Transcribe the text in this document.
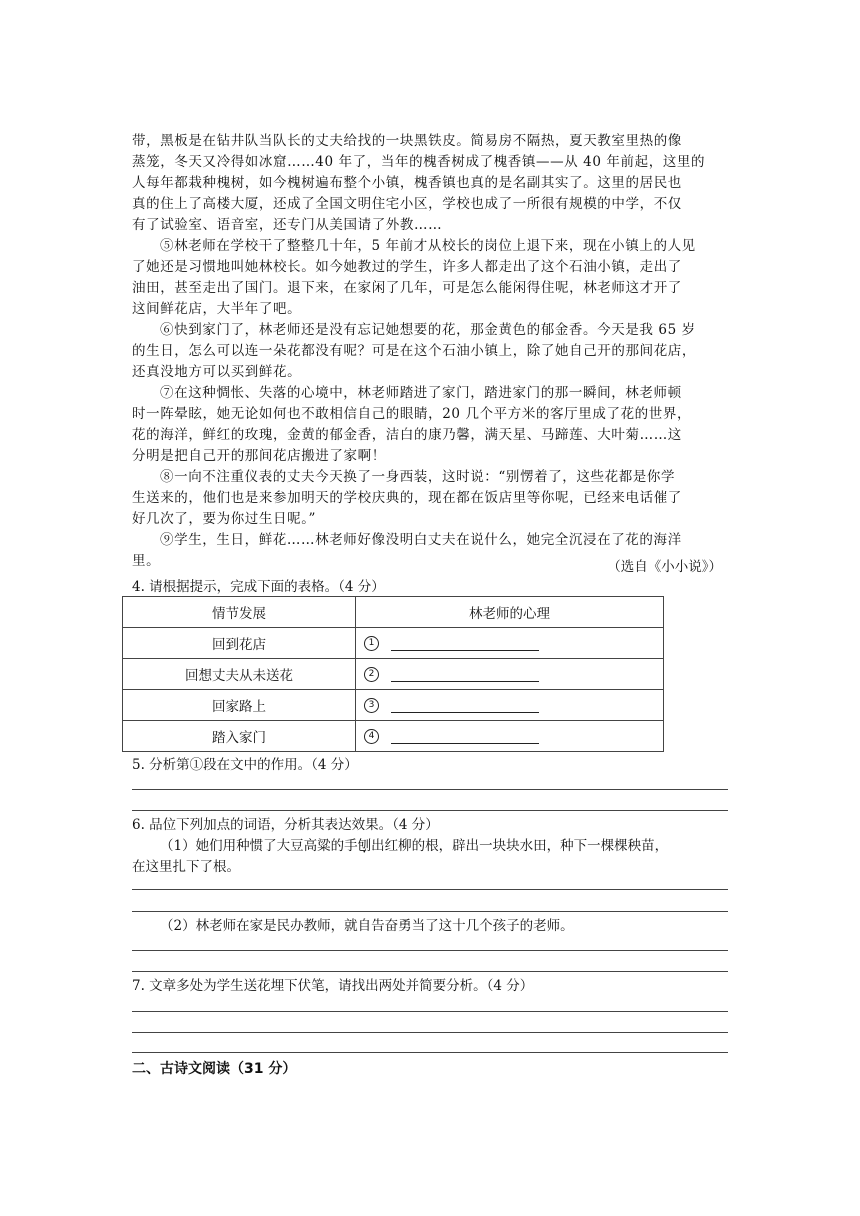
带，黑板是在钻井队当队长的丈夫给找的一块黑铁皮。简易房不隔热，夏天教室里热的像
蒸笼，冬天又冷得如冰窟……40 年了，当年的槐香树成了槐香镇——从 40 年前起，这里的
人每年都栽种槐树，如今槐树遍布整个小镇，槐香镇也真的是名副其实了。这里的居民也
真的住上了高楼大厦，还成了全国文明住宅小区，学校也成了一所很有规模的中学，不仅
有了试验室、语音室，还专门从美国请了外教……
⑤林老师在学校干了整整几十年，5 年前才从校长的岗位上退下来，现在小镇上的人见
了她还是习惯地叫她林校长。如今她教过的学生，许多人都走出了这个石油小镇，走出了
油田，甚至走出了国门。退下来，在家闲了几年，可是怎么能闲得住呢，林老师这才开了
这间鲜花店，大半年了吧。
⑥快到家门了，林老师还是没有忘记她想要的花，那金黄色的郁金香。今天是我 65 岁
的生日，怎么可以连一朵花都没有呢？可是在这个石油小镇上，除了她自己开的那间花店，
还真没地方可以买到鲜花。
⑦在这种惆怅、失落的心境中，林老师踏进了家门，踏进家门的那一瞬间，林老师顿
时一阵晕眩，她无论如何也不敢相信自己的眼睛，20 几个平方米的客厅里成了花的世界，
花的海洋，鲜红的玫瑰，金黄的郁金香，洁白的康乃馨，满天星、马蹄莲、大叶菊……这
分明是把自己开的那间花店搬进了家啊！
⑧一向不注重仪表的丈夫今天换了一身西装，这时说：“别愣着了，这些花都是你学
生送来的，他们也是来参加明天的学校庆典的，现在都在饭店里等你呢，已经来电话催了
好几次了，要为你过生日呢。”
⑨学生，生日，鲜花……林老师好像没明白丈夫在说什么，她完全沉浸在了花的海洋
里。	（选自《小小说》）
4. 请根据提示，完成下面的表格。（4 分）
情节发展	林老师的心理
回到花店	1
回想丈夫从未送花	2
回家路上	3
踏入家门	4
5. 分析第①段在文中的作用。（4 分）
6. 品位下列加点的词语，分析其表达效果。（4 分）
（1）她们用种惯了大豆高粱的手刨出红柳的根，辟出一块块水田，种下一棵棵秧苗，
在这里扎下了根。
（2）林老师在家是民办教师，就自告奋勇当了这十几个孩子的老师。
7. 文章多处为学生送花埋下伏笔，请找出两处并简要分析。（4 分）
二、古诗文阅读（31 分）
